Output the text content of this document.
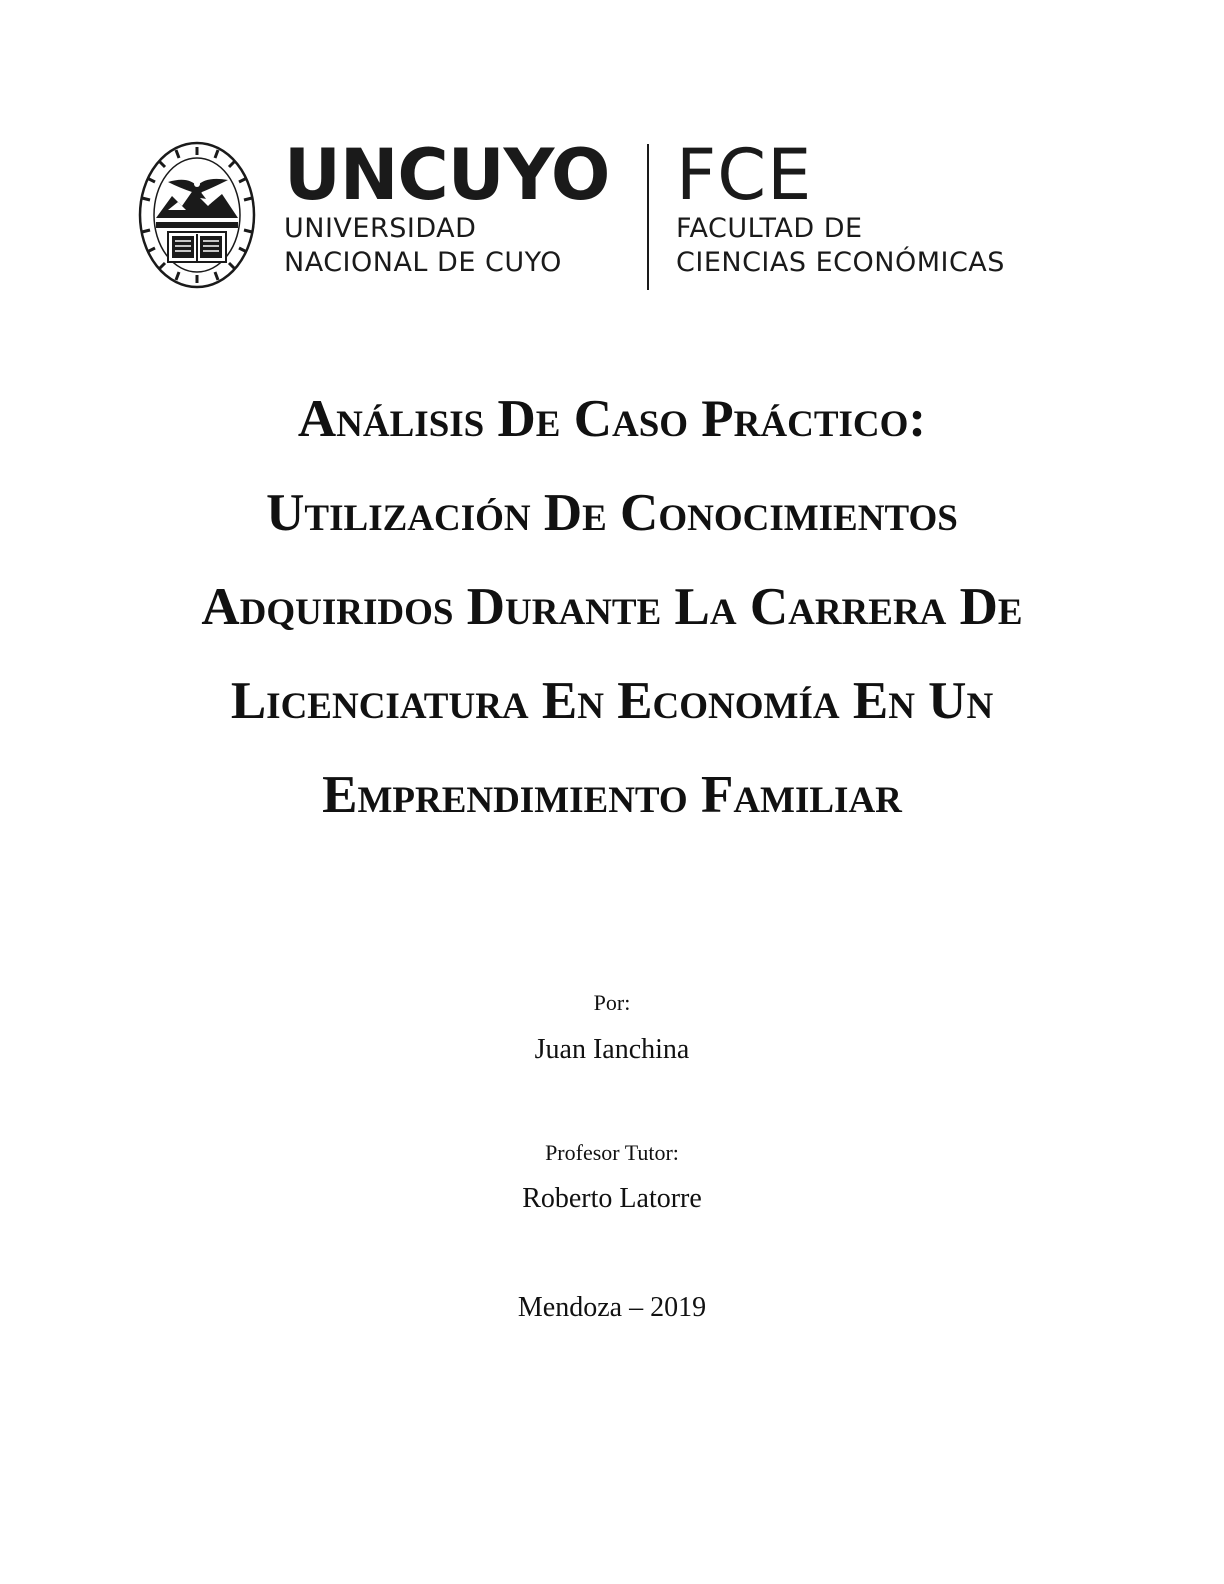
UNCUYO

UNIVERSIDAD

NACIONAL DE CUYO

FCE

FACULTAD DE

CIENCIAS ECONÓMICAS

Análisis De Caso Práctico:
Utilización De Conocimientos
Adquiridos Durante La Carrera De
Licenciatura En Economía En Un
Emprendimiento Familiar
Por:
Juan Ianchina
Profesor Tutor:
Roberto Latorre
Mendoza – 2019
